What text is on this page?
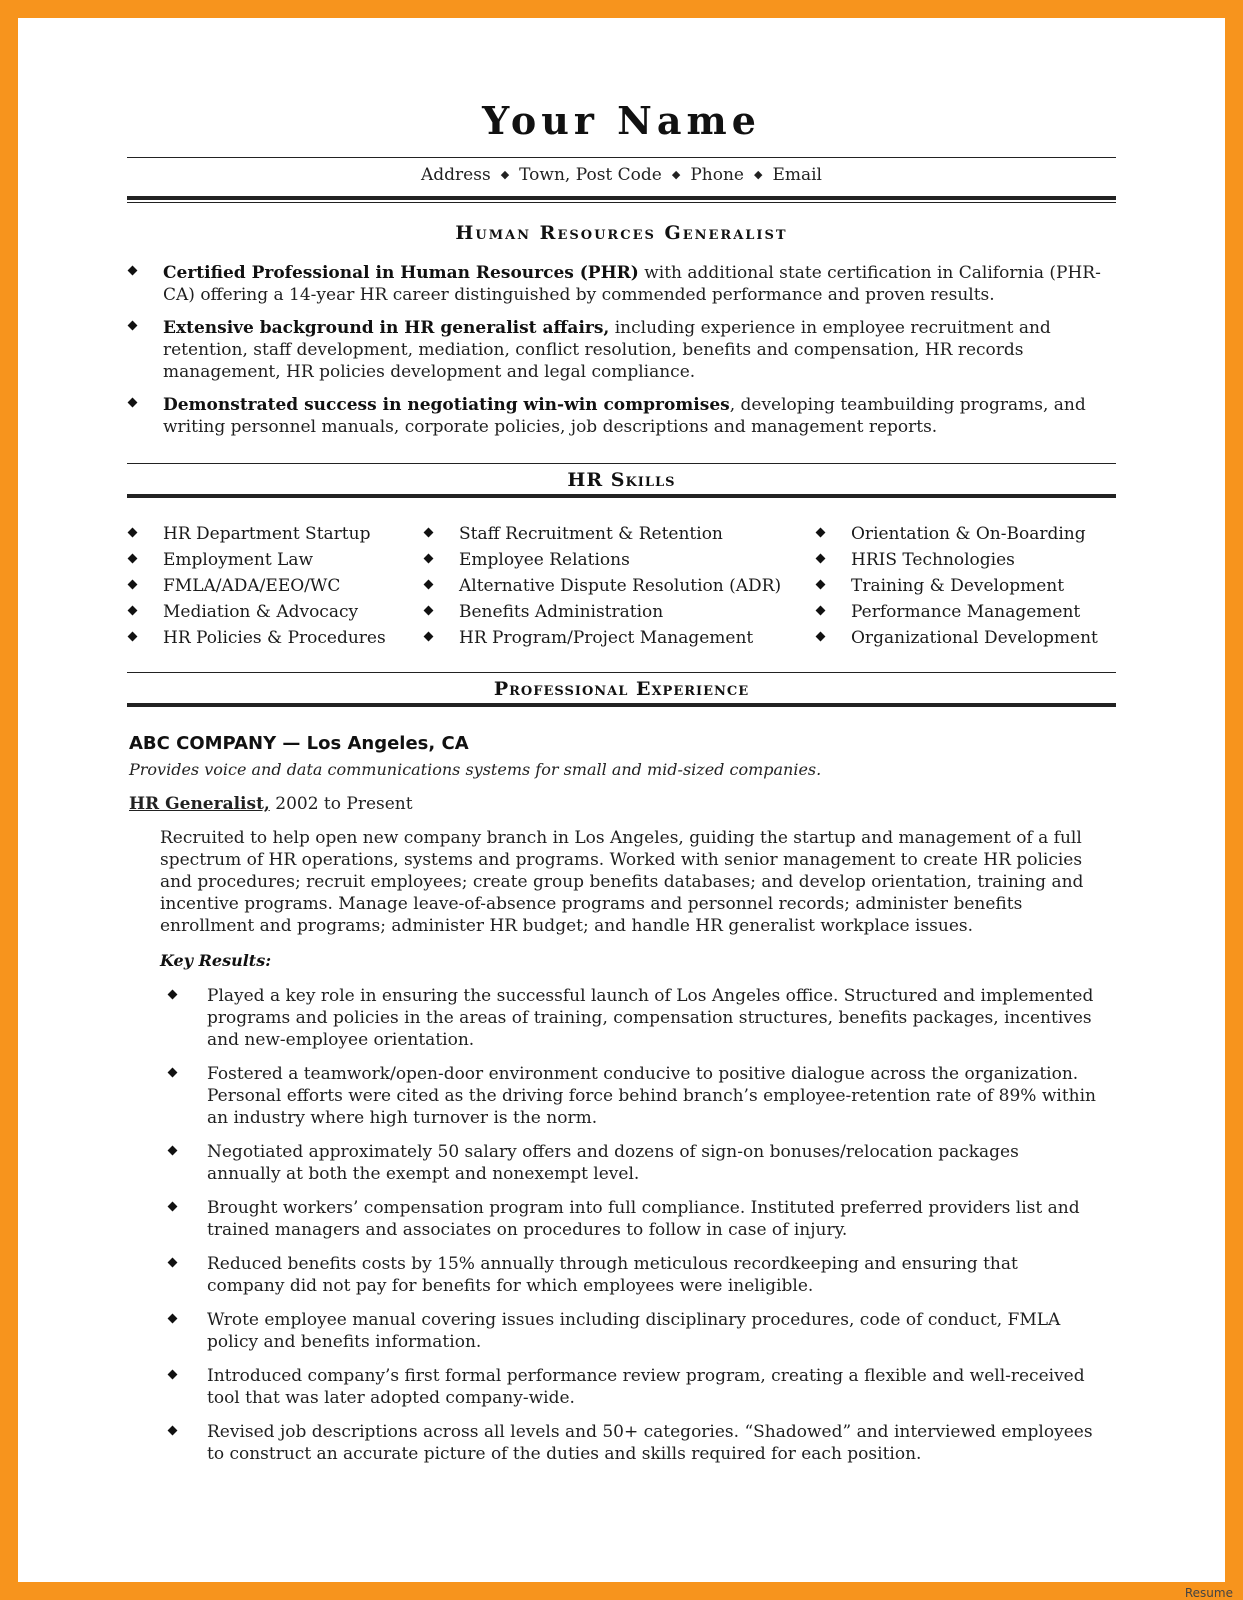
Your Name
Address ◆ Town, Post Code ◆ Phone ◆ Email
Human Resources Generalist
Certified Professional in Human Resources (PHR) with additional state certification in California (PHR-CA) offering a 14-year HR career distinguished by commended performance and proven results.
Extensive background in HR generalist affairs, including experience in employee recruitment and retention, staff development, mediation, conflict resolution, benefits and compensation, HR records management, HR policies development and legal compliance.
Demonstrated success in negotiating win-win compromises, developing teambuilding programs, and writing personnel manuals, corporate policies, job descriptions and management reports.
HR Skills
HR Department Startup
Employment Law
FMLA/ADA/EEO/WC
Mediation & Advocacy
HR Policies & Procedures
Staff Recruitment & Retention
Employee Relations
Alternative Dispute Resolution (ADR)
Benefits Administration
HR Program/Project Management
Orientation & On-Boarding
HRIS Technologies
Training & Development
Performance Management
Organizational Development
Professional Experience
ABC COMPANY — Los Angeles, CA
Provides voice and data communications systems for small and mid-sized companies.
HR Generalist, 2002 to Present

Recruited to help open new company branch in Los Angeles, guiding the startup and management of a full spectrum of HR operations, systems and programs. Worked with senior management to create HR policies and procedures; recruit employees; create group benefits databases; and develop orientation, training and incentive programs. Manage leave-of-absence programs and personnel records; administer benefits enrollment and programs; administer HR budget; and handle HR generalist workplace issues.

Key Results:
Played a key role in ensuring the successful launch of Los Angeles office. Structured and implemented programs and policies in the areas of training, compensation structures, benefits packages, incentives and new-employee orientation.
Fostered a teamwork/open-door environment conducive to positive dialogue across the organization. Personal efforts were cited as the driving force behind branch’s employee-retention rate of 89% within an industry where high turnover is the norm.
Negotiated approximately 50 salary offers and dozens of sign-on bonuses/relocation packages annually at both the exempt and nonexempt level.
Brought workers’ compensation program into full compliance. Instituted preferred providers list and trained managers and associates on procedures to follow in case of injury.
Reduced benefits costs by 15% annually through meticulous recordkeeping and ensuring that company did not pay for benefits for which employees were ineligible.
Wrote employee manual covering issues including disciplinary procedures, code of conduct, FMLA policy and benefits information.
Introduced company’s first formal performance review program, creating a flexible and well-received tool that was later adopted company-wide.
Revised job descriptions across all levels and 50+ categories. “Shadowed” and interviewed employees to construct an accurate picture of the duties and skills required for each position.
Resume
